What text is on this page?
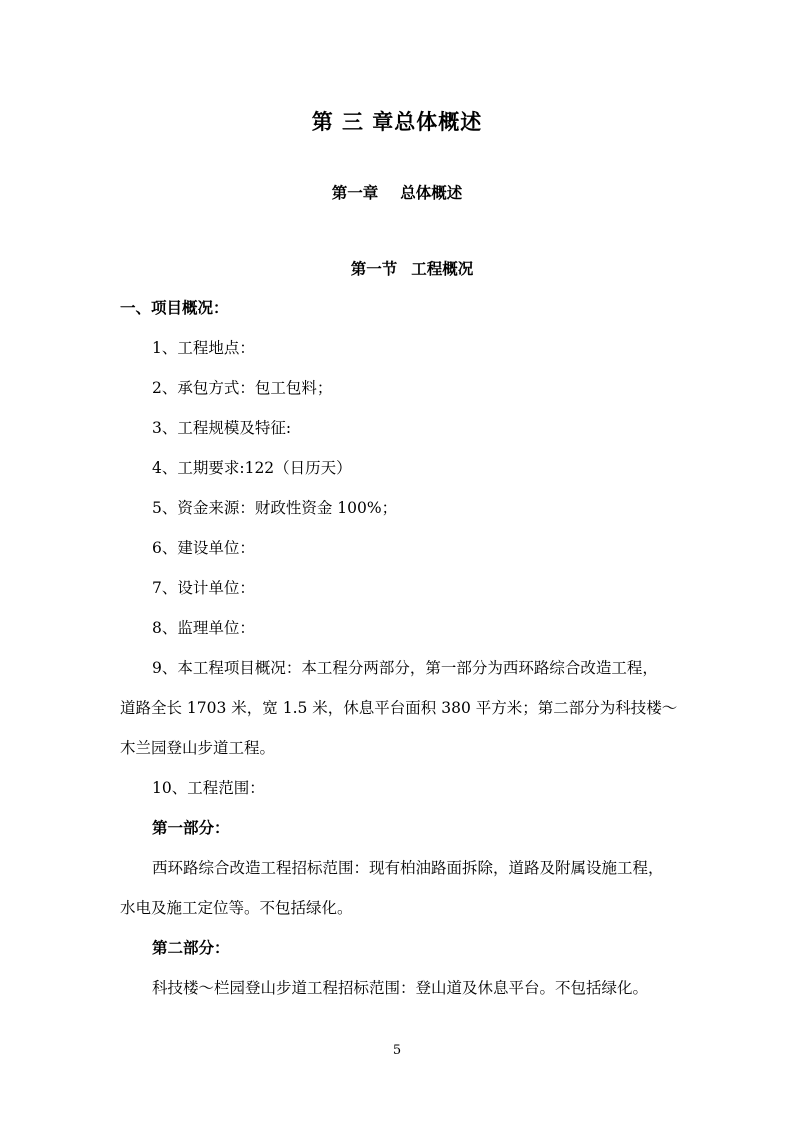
第 三 章总体概述
第一章 总体概述
第一节 工程概况
一、项目概况：
1、工程地点：
2、承包方式：包工包料；
3、工程规模及特征:
4、工期要求:122（日历天）
5、资金来源：财政性资金 100%；
6、建设单位：
7、设计单位：
8、监理单位：
9、本工程项目概况：本工程分两部分，第一部分为西环路综合改造工程，
道路全长 1703 米，宽 1.5 米，休息平台面积 380 平方米；第二部分为科技楼～
木兰园登山步道工程。
10、工程范围：
第一部分：
西环路综合改造工程招标范围：现有柏油路面拆除，道路及附属设施工程，
水电及施工定位等。不包括绿化。
第二部分：
科技楼～栏园登山步道工程招标范围：登山道及休息平台。不包括绿化。
5
